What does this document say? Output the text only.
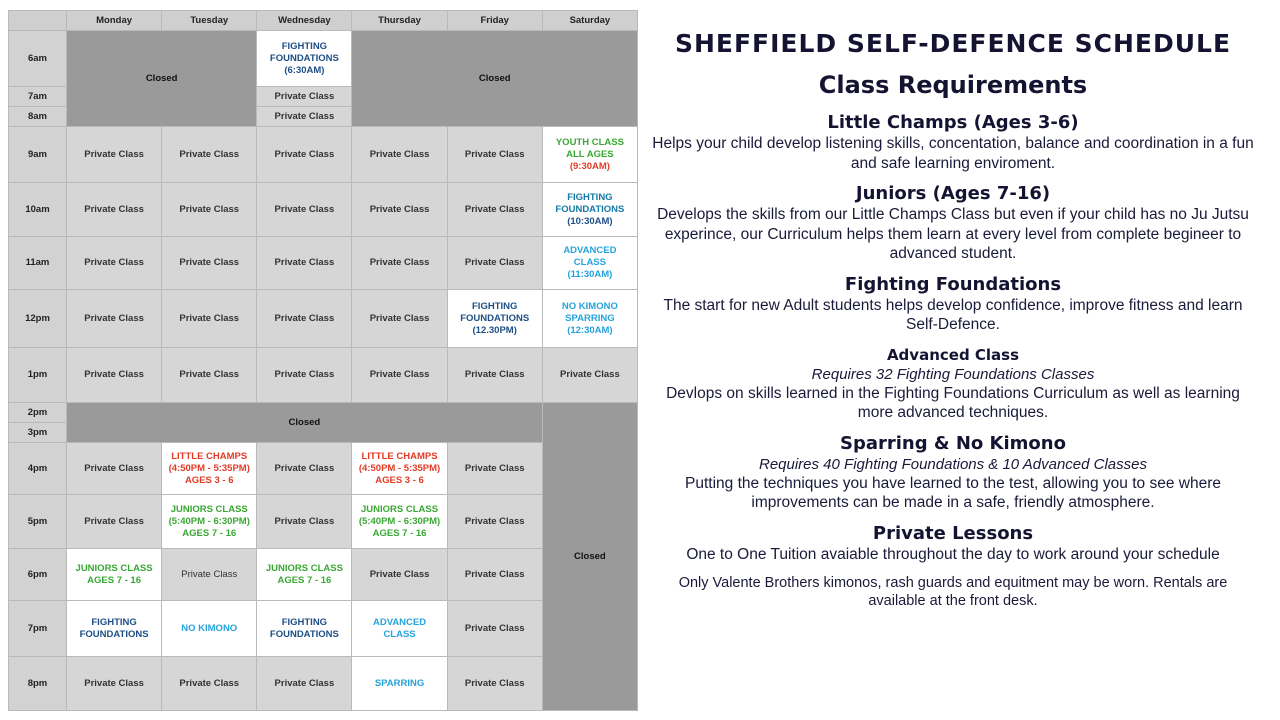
	Monday	Tuesday	Wednesday	Thursday	Friday	Saturday
6am	Closed		FIGHTING
FOUNDATIONS
(6:30AM)	Closed		
7am			Private Class			
8am			Private Class			
9am	Private Class	Private Class	Private Class	Private Class	Private Class	YOUTH CLASS
ALL AGES
(9:30AM)

10am	Private Class	Private Class	Private Class	Private Class	Private Class	FIGHTING
FOUNDATIONS
(10:30AM)

11am	Private Class	Private Class	Private Class	Private Class	Private Class	ADVANCED
CLASS
(11:30AM)

12pm	Private Class	Private Class	Private Class	Private Class	FIGHTING
FOUNDATIONS
(12.30PM)	NO KIMONO
SPARRING
(12:30AM)

1pm	Private Class	Private Class	Private Class	Private Class	Private Class	Private Class
2pm	Closed					Closed
3pm						
4pm	Private Class	LITTLE CHAMPS
(4:50PM - 5:35PM)
AGES 3 - 6	Private Class	LITTLE CHAMPS
(4:50PM - 5:35PM)
AGES 3 - 6	Private Class	
5pm	Private Class	JUNIORS CLASS
(5:40PM - 6:30PM)
AGES 7 - 16	Private Class	JUNIORS CLASS
(5:40PM - 6:30PM)
AGES 7 - 16	Private Class	
6pm	JUNIORS CLASS
AGES 7 - 16	Private Class	JUNIORS CLASS
AGES 7 - 16	Private Class	Private Class	
7pm	FIGHTING
FOUNDATIONS	NO KIMONO	FIGHTING
FOUNDATIONS	ADVANCED
CLASS	Private Class	
8pm	Private Class	Private Class	Private Class	SPARRING	Private Class	
SHEFFIELD SELF-DEFENCE SCHEDULE
Class Requirements
Little Champs (Ages 3-6)
Helps your child develop listening skills, concentation, balance and coordination in a fun and safe learning enviroment.
Juniors (Ages 7-16)
Develops the skills from our Little Champs Class but even if your child has no Ju Jutsu experince, our Curriculum helps them learn at every level from complete begineer to advanced student.
Fighting Foundations
The start for new Adult students helps develop confidence, improve fitness and learn Self-Defence.
Advanced Class
Requires 32 Fighting Foundations Classes
Devlops on skills learned in the Fighting Foundations Curriculum as well as learning more advanced techniques.
Sparring & No Kimono
Requires 40 Fighting Foundations & 10 Advanced Classes
Putting the techniques you have learned to the test, allowing you to see where improvements can be made in a safe, friendly atmosphere.
Private Lessons
One to One Tuition avaiable throughout the day to work around your schedule
Only Valente Brothers kimonos, rash guards and equitment may be worn. Rentals are available at the front desk.
